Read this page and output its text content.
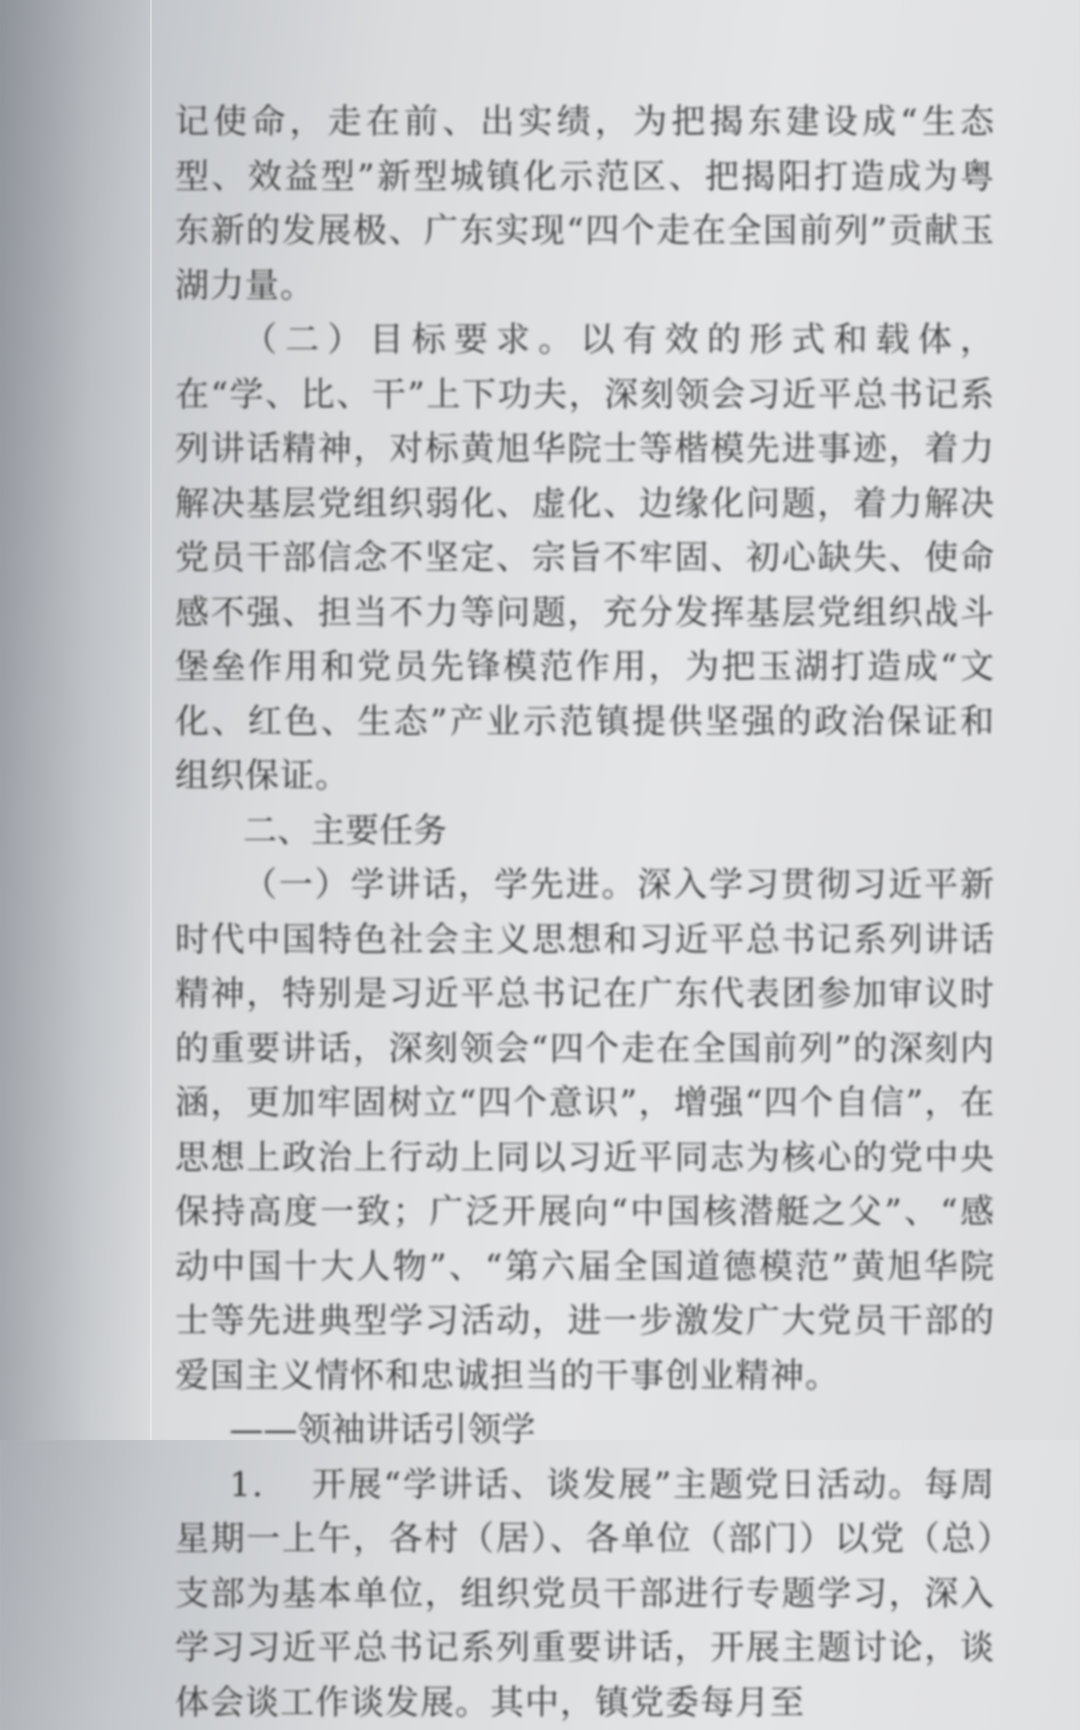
记使命，走在前、出实绩，为把揭东建设成“生态型、效益型”新型城镇化示范区、把揭阳打造成为粤东新的发展极、广东实现“四个走在全国前列”贡献玉湖力量。

（二）目标要求。以有效的形式和载体，在“学、比、干”上下功夫，深刻领会习近平总书记系列讲话精神，对标黄旭华院士等楷模先进事迹，着力解决基层党组织弱化、虚化、边缘化问题，着力解决党员干部信念不坚定、宗旨不牢固、初心缺失、使命感不强、担当不力等问题，充分发挥基层党组织战斗堡垒作用和党员先锋模范作用，为把玉湖打造成“文化、红色、生态”产业示范镇提供坚强的政治保证和组织保证。

二、主要任务

（一）学讲话，学先进。深入学习贯彻习近平新时代中国特色社会主义思想和习近平总书记系列讲话精神，特别是习近平总书记在广东代表团参加审议时的重要讲话，深刻领会“四个走在全国前列”的深刻内涵，更加牢固树立“四个意识”，增强“四个自信”，在思想上政治上行动上同以习近平同志为核心的党中央保持高度一致；广泛开展向“中国核潜艇之父”、“感动中国十大人物”、“第六届全国道德模范”黄旭华院士等先进典型学习活动，进一步激发广大党员干部的爱国主义情怀和忠诚担当的干事创业精神。

——领袖讲话引领学

1. 开展“学讲话、谈发展”主题党日活动。每周星期一上午，各村（居）、各单位（部门）以党（总）支部为基本单位，组织党员干部进行专题学习，深入学习习近平总书记系列重要讲话，开展主题讨论，谈体会谈工作谈发展。其中，镇党委每月至
